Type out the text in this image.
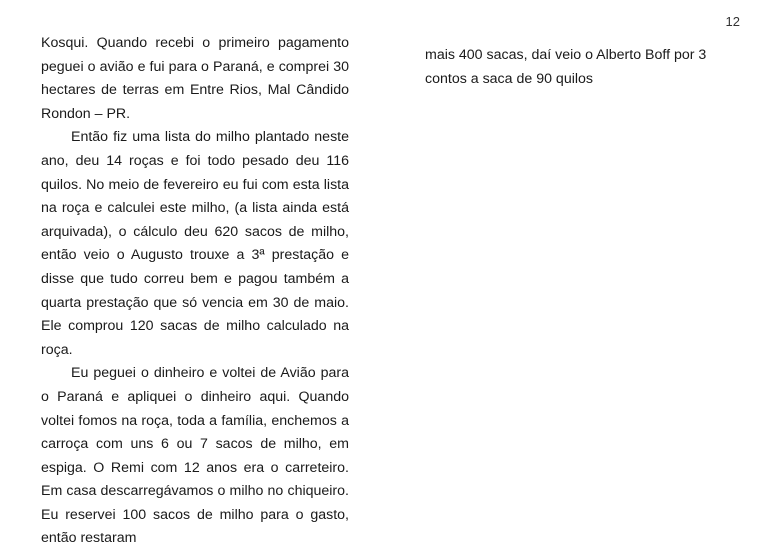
12

Kosqui. Quando recebi o primeiro pagamento peguei o avião e fui para o Paraná, e comprei 30 hectares de terras em Entre Rios, Mal Cândido Rondon – PR.

Então fiz uma lista do milho plantado neste ano, deu 14 roças e foi todo pesado deu 116 quilos. No meio de fevereiro eu fui com esta lista na roça e calculei este milho, (a lista ainda está arquivada), o cálculo deu 620 sacos de milho, então veio o Augusto trouxe a 3ª prestação e disse que tudo correu bem e pagou também a quarta prestação que só vencia em 30 de maio. Ele comprou 120 sacas de milho calculado na roça.

Eu peguei o dinheiro e voltei de Avião para o Paraná e apliquei o dinheiro aqui. Quando voltei fomos na roça, toda a família, enchemos a carroça com uns 6 ou 7 sacos de milho, em espiga. O Remi com 12 anos era o carreteiro. Em casa descarregávamos o milho no chiqueiro. Eu reservei 100 sacos de milho para o gasto, então restaram

mais 400 sacas, daí veio o Alberto Boff por 3 contos a saca de 90 quilos
